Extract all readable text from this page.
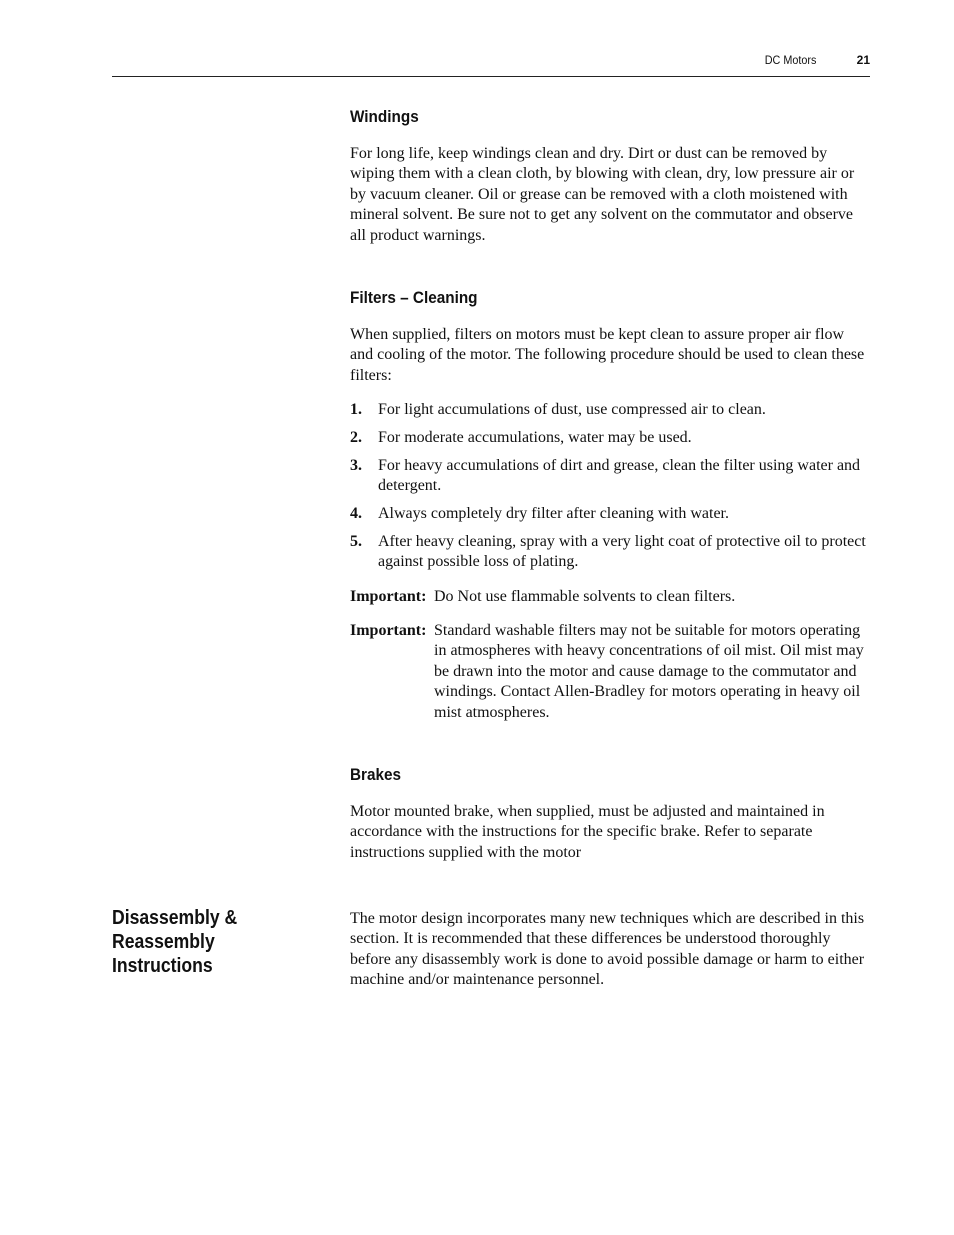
DC Motors	21
Windings

For long life, keep windings clean and dry. Dirt or dust can be removed by wiping them with a clean cloth, by blowing with clean, dry, low pressure air or by vacuum cleaner. Oil or grease can be removed with a cloth moistened with mineral solvent. Be sure not to get any solvent on the commutator and observe all product warnings.

Filters – Cleaning

When supplied, filters on motors must be kept clean to assure proper air flow and cooling of the motor. The following procedure should be used to clean these filters:

1. For light accumulations of dust, use compressed air to clean.
2. For moderate accumulations, water may be used.
3. For heavy accumulations of dirt and grease, clean the filter using water and detergent.
4. Always completely dry filter after cleaning with water.
5. After heavy cleaning, spray with a very light coat of protective oil to protect against possible loss of plating.
Important: Do Not use flammable solvents to clean filters.
Important: Standard washable filters may not be suitable for motors operating in atmospheres with heavy concentrations of oil mist. Oil mist may be drawn into the motor and cause damage to the commutator and windings. Contact Allen-Bradley for motors operating in heavy oil mist atmospheres.
Brakes

Motor mounted brake, when supplied, must be adjusted and maintained in accordance with the instructions for the specific brake. Refer to separate instructions supplied with the motor

Disassembly & Reassembly Instructions

The motor design incorporates many new techniques which are described in this section. It is recommended that these differences be understood thoroughly before any disassembly work is done to avoid possible damage or harm to either machine and/or maintenance personnel.
